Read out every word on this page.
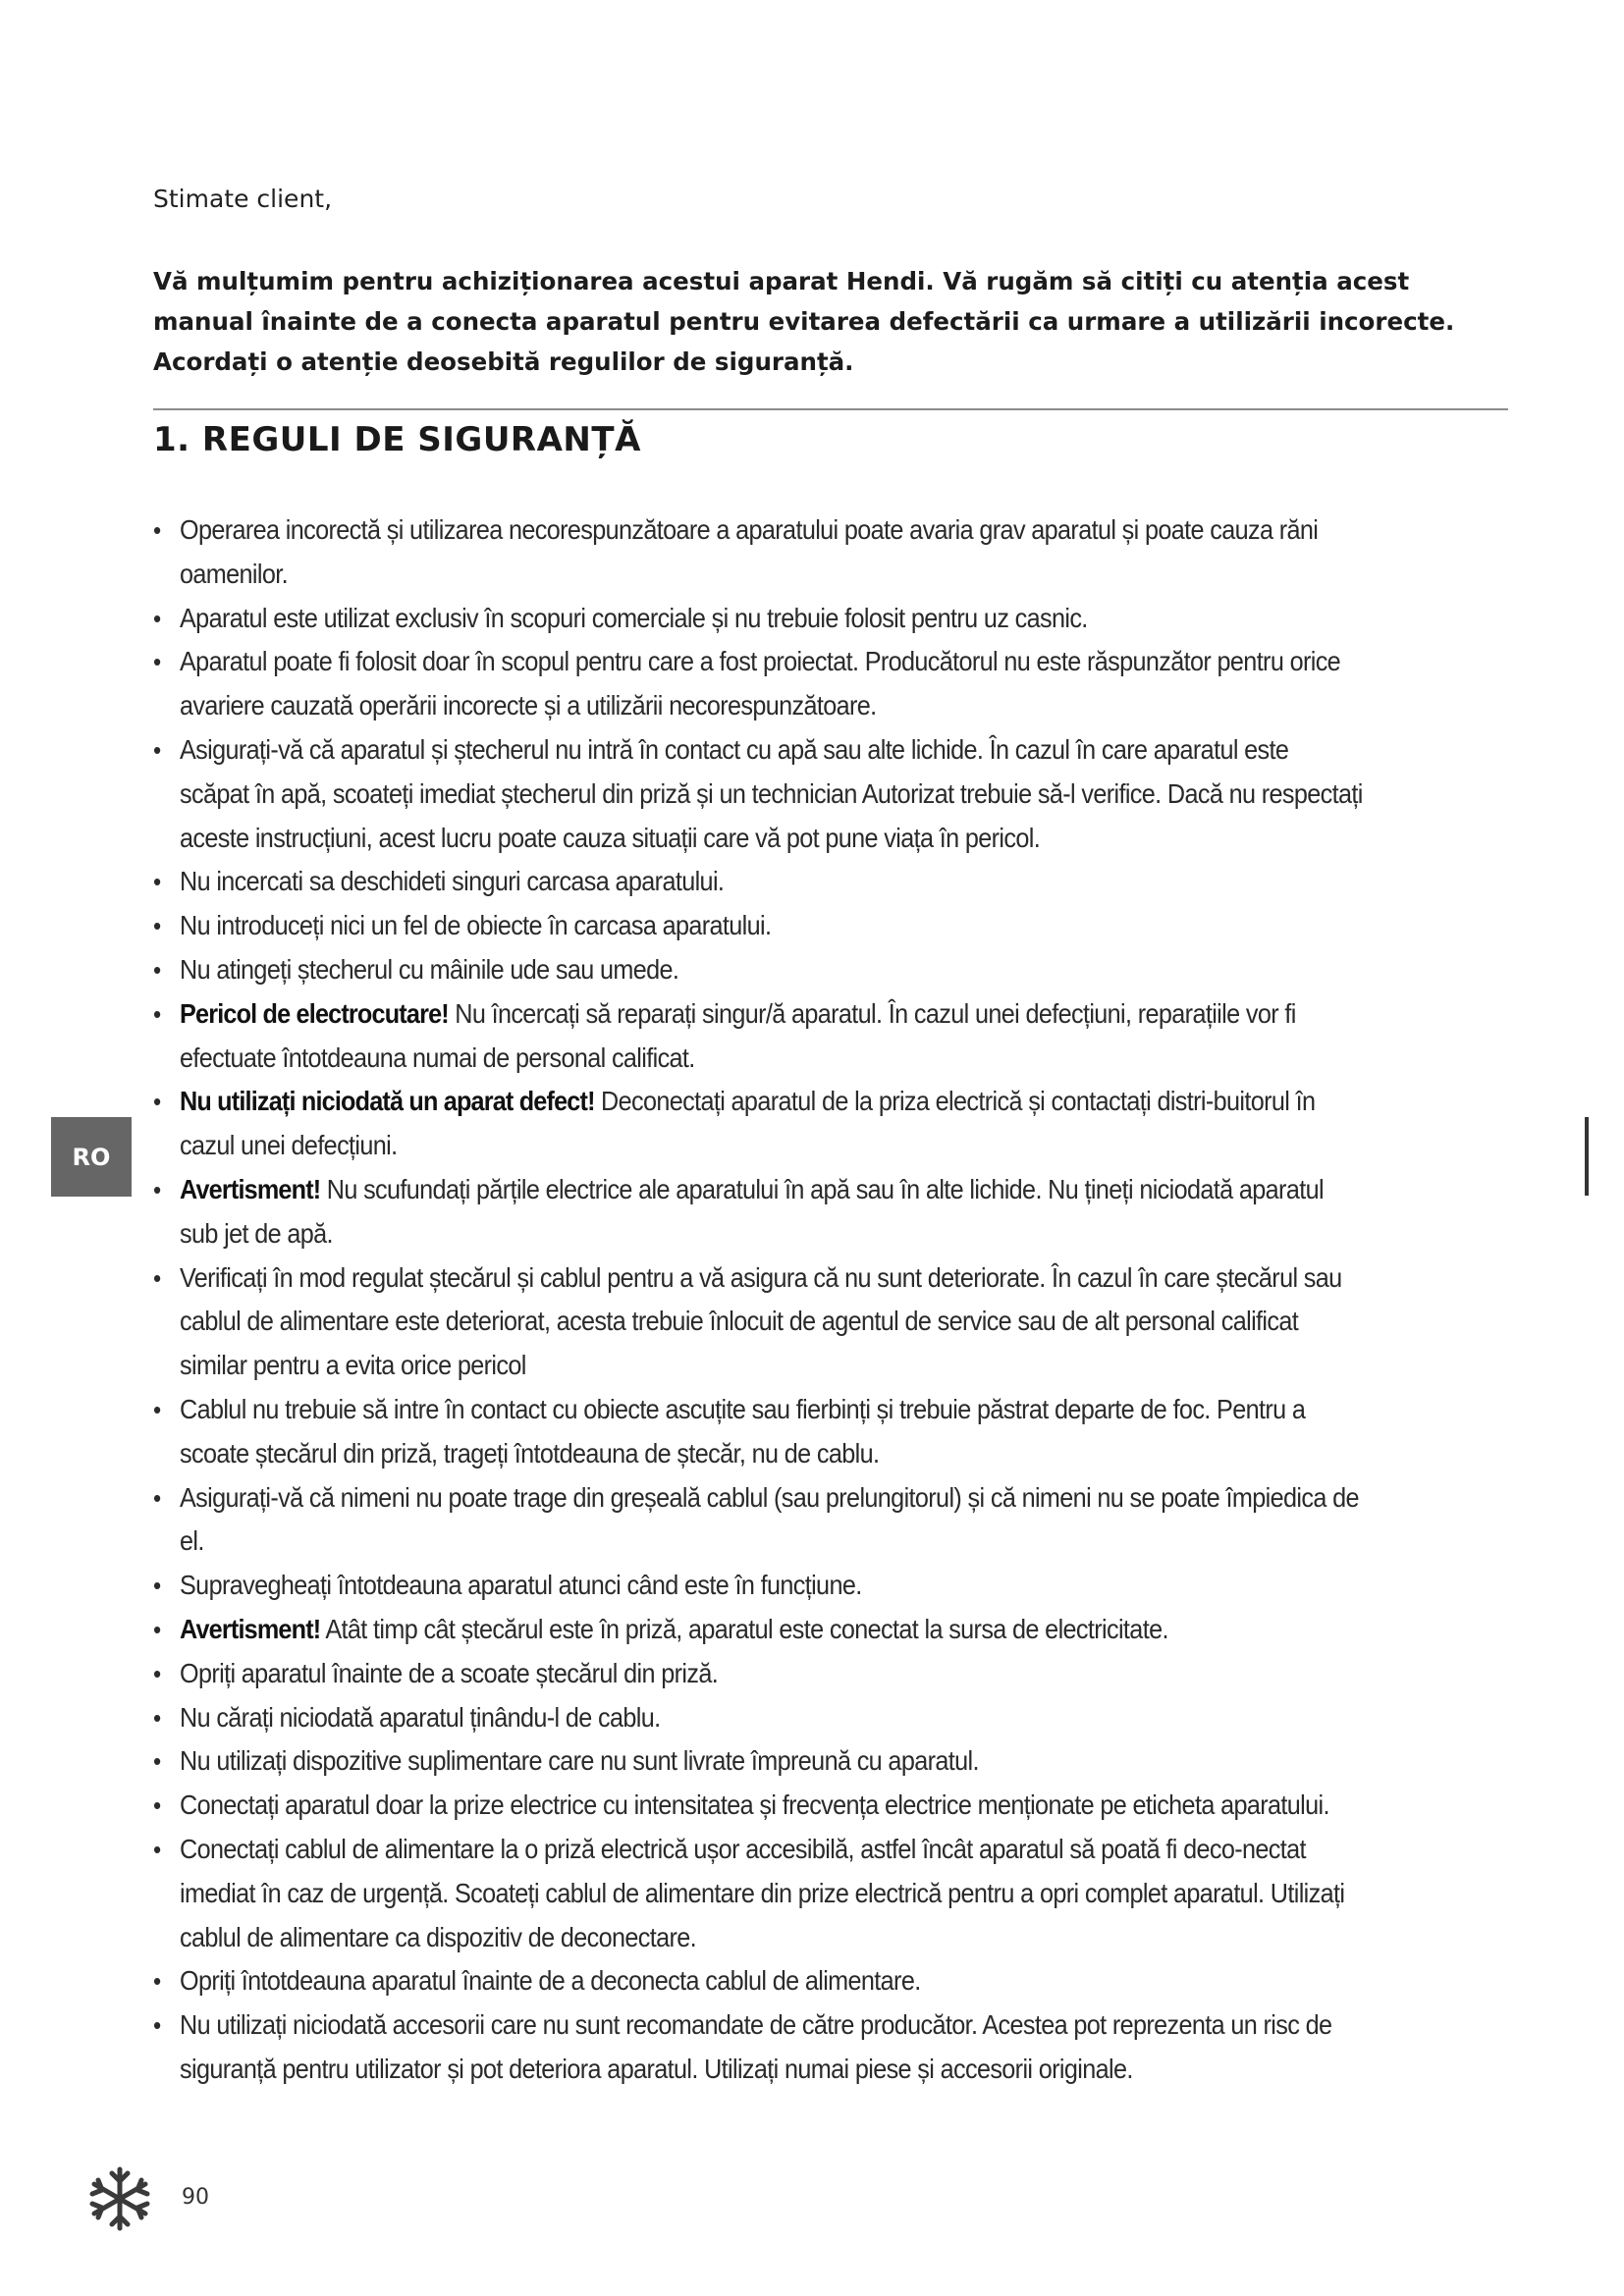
Stimate client,
Vă mulțumim pentru achiziționarea acestui aparat Hendi. Vă rugăm să citiți cu atenția acest manual înainte de a conecta aparatul pentru evitarea defectării ca urmare a utilizării incorecte. Acordați o atenție deosebită regulilor de siguranță.
1. REGULI DE SIGURANȚĂ
• Operarea incorectă și utilizarea necorespunzătoare a aparatului poate avaria grav aparatul și poate cauza răni oamenilor.
• Aparatul este utilizat exclusiv în scopuri comerciale și nu trebuie folosit pentru uz casnic.
• Aparatul poate fi folosit doar în scopul pentru care a fost proiectat. Producătorul nu este răspunzător pentru orice avariere cauzată operării incorecte și a utilizării necorespunzătoare.
• Asigurați-vă că aparatul și ștecherul nu intră în contact cu apă sau alte lichide. În cazul în care aparatul este scăpat în apă, scoateți imediat ștecherul din priză și un technician Autorizat trebuie să-l verifice. Dacă nu respectați aceste instrucțiuni, acest lucru poate cauza situații care vă pot pune viața în pericol.
• Nu incercati sa deschideti singuri carcasa aparatului.
• Nu introduceți nici un fel de obiecte în carcasa aparatului.
• Nu atingeți ștecherul cu mâinile ude sau umede.
• Pericol de electrocutare! Nu încercați să reparați singur/ă aparatul. În cazul unei defecțiuni, reparațiile vor fi efectuate întotdeauna numai de personal calificat.
• Nu utilizați niciodată un aparat defect! Deconectați aparatul de la priza electrică și contactați distri-buitorul în cazul unei defecțiuni.
• Avertisment! Nu scufundați părțile electrice ale aparatului în apă sau în alte lichide. Nu țineți niciodată aparatul sub jet de apă.
• Verificați în mod regulat ștecărul și cablul pentru a vă asigura că nu sunt deteriorate. În cazul în care ștecărul sau cablul de alimentare este deteriorat, acesta trebuie înlocuit de agentul de service sau de alt personal calificat similar pentru a evita orice pericol
• Cablul nu trebuie să intre în contact cu obiecte ascuțite sau fierbinți și trebuie păstrat departe de foc. Pentru a scoate ștecărul din priză, trageți întotdeauna de ștecăr, nu de cablu.
• Asigurați-vă că nimeni nu poate trage din greșeală cablul (sau prelungitorul) și că nimeni nu se poate împiedica de el.
• Supravegheați întotdeauna aparatul atunci când este în funcțiune.
• Avertisment! Atât timp cât ștecărul este în priză, aparatul este conectat la sursa de electricitate.
• Opriți aparatul înainte de a scoate ștecărul din priză.
• Nu cărați niciodată aparatul ținându-l de cablu.
• Nu utilizați dispozitive suplimentare care nu sunt livrate împreună cu aparatul.
• Conectați aparatul doar la prize electrice cu intensitatea și frecvența electrice menționate pe eticheta aparatului.
• Conectați cablul de alimentare la o priză electrică ușor accesibilă, astfel încât aparatul să poată fi deco-nectat imediat în caz de urgență. Scoateți cablul de alimentare din prize electrică pentru a opri complet aparatul. Utilizați cablul de alimentare ca dispozitiv de deconectare.
• Opriți întotdeauna aparatul înainte de a deconecta cablul de alimentare.
• Nu utilizați niciodată accesorii care nu sunt recomandate de către producător. Acestea pot reprezenta un risc de siguranță pentru utilizator și pot deteriora aparatul. Utilizați numai piese și accesorii originale.
RO
90
